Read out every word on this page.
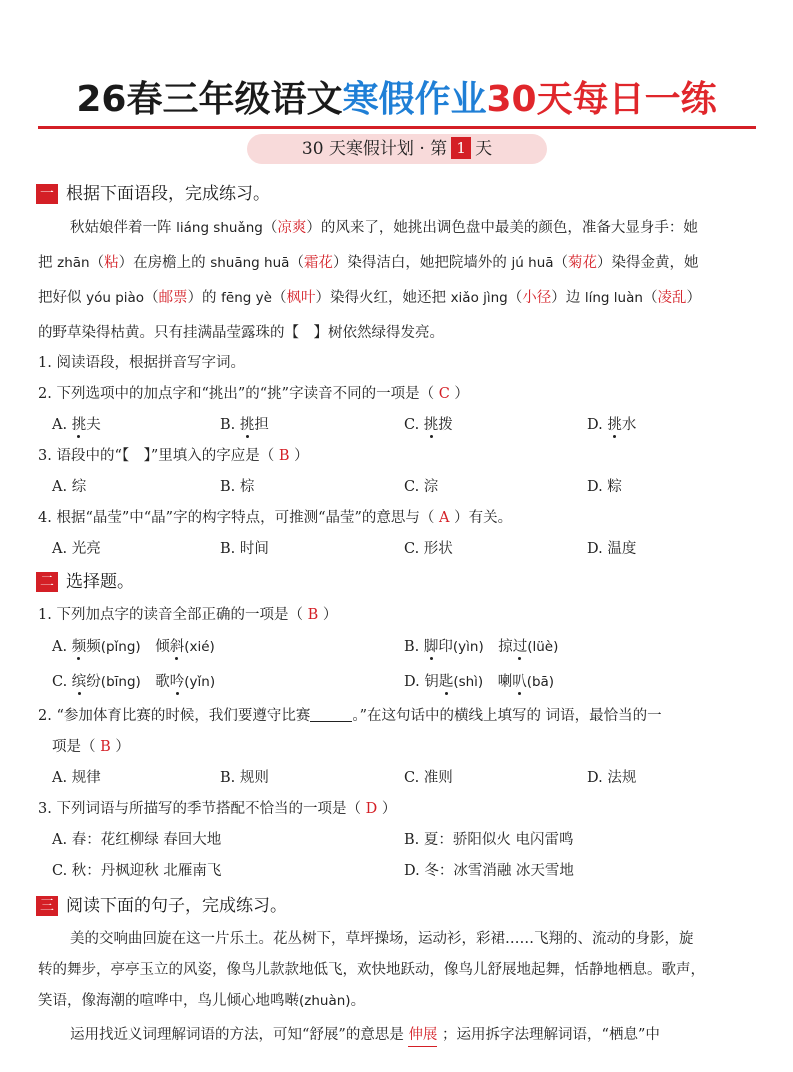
26春三年级语文寒假作业30天每日一练
30 天寒假计划 · 第 1 天
一 根据下面语段，完成练习。
秋姑娘伴着一阵 liáng shuǎng（凉爽）的风来了，她挑出调色盘中最美的颜色，准备大显身手：她
把 zhān（粘）在房檐上的 shuāng huā（霜花）染得洁白，她把院墙外的 jú huā（菊花）染得金黄，她
把好似 yóu piào（邮票）的 fēng yè（枫叶）染得火红，她还把 xiǎo jìng（小径）边 líng luàn（凌乱）
的野草染得枯黄。只有挂满晶莹露珠的【　】树依然绿得发亮。
1. 阅读语段，根据拼音写字词。
2. 下列选项中的加点字和“挑出”的“挑”字读音不同的一项是（ C ）
A. 挑夫	B. 挑担	C. 挑拨	D. 挑水
3. 语段中的“【　】”里填入的字应是（ B ）
A. 综	B. 棕	C. 淙	D. 粽
4. 根据“晶莹”中“晶”字的构字特点，可推测“晶莹”的意思与（ A ）有关。
A. 光亮	B. 时间	C. 形状	D. 温度
二 选择题。
1. 下列加点字的读音全部正确的一项是（ B ）
A. 频频(pǐng)　 倾斜(xié)	B. 脚印(yìn)　 掠过(lüè)
C. 缤纷(bīng)　 歌吟(yǐn)	D. 钥匙(shì)　 喇叭(bā)
2. “参加体育比赛的时候，我们要遵守比赛	。”在这句话中的横线上填写的 词语，最恰当的一
项是（ B ）
A. 规律	B. 规则	C. 准则	D. 法规
3. 下列词语与所描写的季节搭配不恰当的一项是（ D ）
A. 春：花红柳绿 春回大地	B. 夏：骄阳似火 电闪雷鸣
C. 秋：丹枫迎秋 北雁南飞	D. 冬：冰雪消融 冰天雪地
三 阅读下面的句子，完成练习。
美的交响曲回旋在这一片乐土。花丛树下，草坪操场，运动衫，彩裙……飞翔的、流动的身影，旋
转的舞步，亭亭玉立的风姿，像鸟儿款款地低飞，欢快地跃动，像鸟儿舒展地起舞，恬静地栖息。歌声，
笑语，像海潮的喧哗中，鸟儿倾心地鸣啭(zhuàn)。
运用找近义词理解词语的方法，可知“舒展”的意思是 伸展 ；运用拆字法理解词语，“栖息”中
